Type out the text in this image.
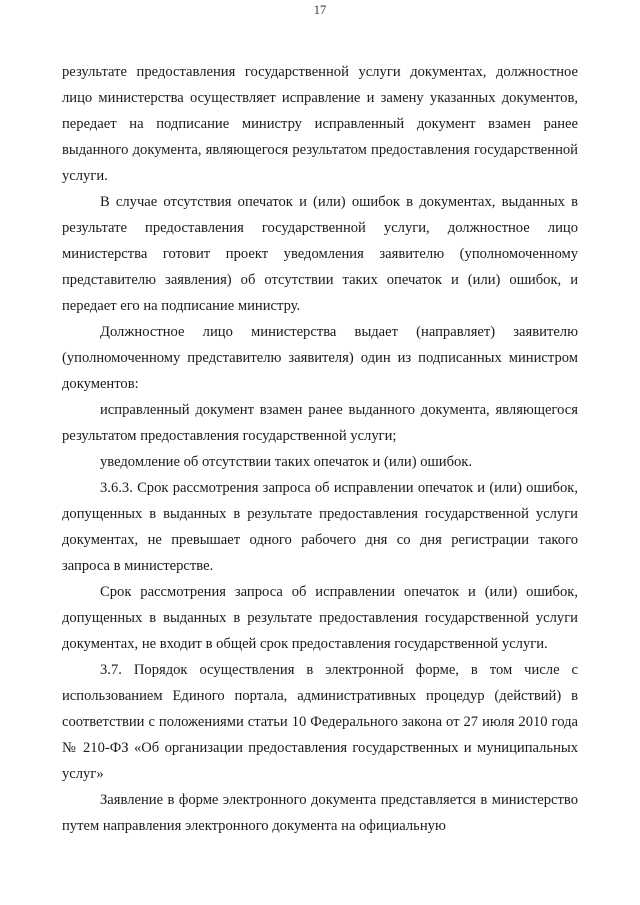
17

результате предоставления государственной услуги документах, должностное лицо министерства осуществляет исправление и замену указанных документов, передает на подписание министру исправленный документ взамен ранее выданного документа, являющегося результатом предоставления государственной услуги.

В случае отсутствия опечаток и (или) ошибок в документах, выданных в результате предоставления государственной услуги, должностное лицо министерства готовит проект уведомления заявителю (уполномоченному представителю заявления) об отсутствии таких опечаток и (или) ошибок, и передает его на подписание министру.

Должностное лицо министерства выдает (направляет) заявителю (уполномоченному представителю заявителя) один из подписанных министром документов:

исправленный документ взамен ранее выданного документа, являющегося результатом предоставления государственной услуги;

уведомление об отсутствии таких опечаток и (или) ошибок.

3.6.3. Срок рассмотрения запроса об исправлении опечаток и (или) ошибок, допущенных в выданных в результате предоставления государственной услуги документах, не превышает одного рабочего дня со дня регистрации такого запроса в министерстве.

Срок рассмотрения запроса об исправлении опечаток и (или) ошибок, допущенных в выданных в результате предоставления государственной услуги документах, не входит в общей срок предоставления государственной услуги.

3.7. Порядок осуществления в электронной форме, в том числе с использованием Единого портала, административных процедур (действий) в соответствии с положениями статьи 10 Федерального закона от 27 июля 2010 года № 210-ФЗ «Об организации предоставления государственных и муниципальных услуг»

Заявление в форме электронного документа представляется в министерство путем направления электронного документа на официальную
